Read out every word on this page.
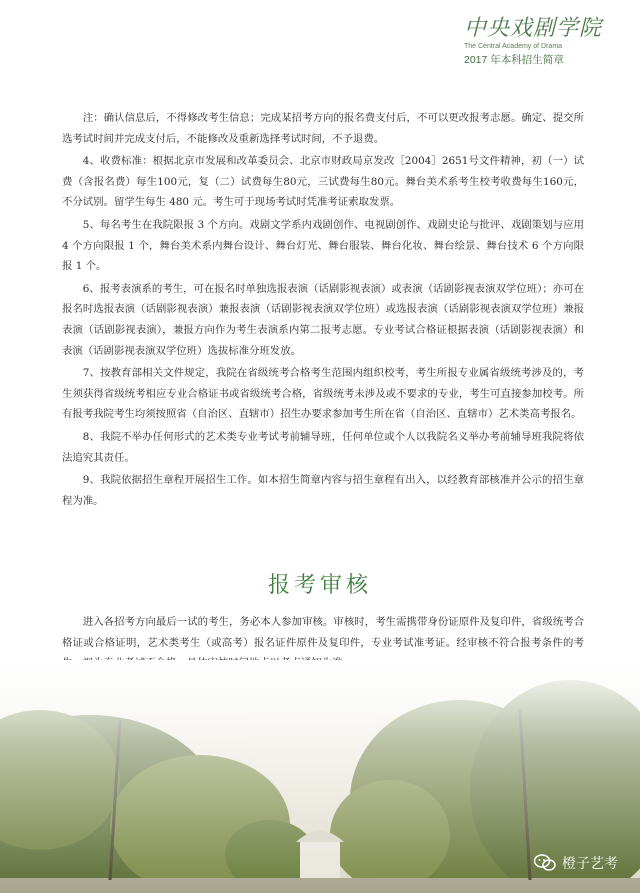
中央戏剧学院
The Central Academy of Drama
2017 年本科招生简章

注：确认信息后，不得修改考生信息；完成某招考方向的报名费支付后，不可以更改报考志愿。确定、提交所选考试时间并完成支付后，不能修改及重新选择考试时间，不予退费。

4、收费标准：根据北京市发展和改革委员会、北京市财政局京发改［2004］2651号文件精神，初（一）试费（含报名费）每生100元，复（二）试费每生80元，三试费每生80元。舞台美术系考生校考收费每生160元，不分试别。留学生每生 480 元。考生可于现场考试时凭准考证索取发票。

5、每名考生在我院限报 3 个方向。戏剧文学系内戏剧创作、电视剧创作、戏剧史论与批评、戏剧策划与应用 4 个方向限报 1 个，舞台美术系内舞台设计、舞台灯光、舞台服装、舞台化妆、舞台绘景、舞台技术 6 个方向限报 1 个。

6、报考表演系的考生，可在报名时单独选报表演（话剧影视表演）或表演（话剧影视表演双学位班）；亦可在报名时选报表演（话剧影视表演）兼报表演（话剧影视表演双学位班）或选报表演（话剧影视表演双学位班）兼报表演（话剧影视表演），兼报方向作为考生表演系内第二报考志愿。专业考试合格证根据表演（话剧影视表演）和表演（话剧影视表演双学位班）选拔标准分班发放。

7、按教育部相关文件规定，我院在省级统考合格考生范围内组织校考，考生所报专业属省级统考涉及的，考生须获得省级统考相应专业合格证书或省级统考合格，省级统考未涉及或不要求的专业，考生可直接参加校考。所有报考我院考生均须按照省（自治区、直辖市）招生办要求参加考生所在省（自治区、直辖市）艺术类高考报名。

8、我院不举办任何形式的艺术类专业考试考前辅导班，任何单位或个人以我院名义举办考前辅导班我院将依法追究其责任。

9、我院依据招生章程开展招生工作。如本招生简章内容与招生章程有出入，以经教育部核准并公示的招生章程为准。

报考审核

进入各招考方向最后一试的考生，务必本人参加审核。审核时，考生需携带身份证原件及复印件，省级统考合格证或合格证明，艺术类考生（或高考）报名证件原件及复印件，专业考试准考证。经审核不符合报考条件的考

橙子艺考
